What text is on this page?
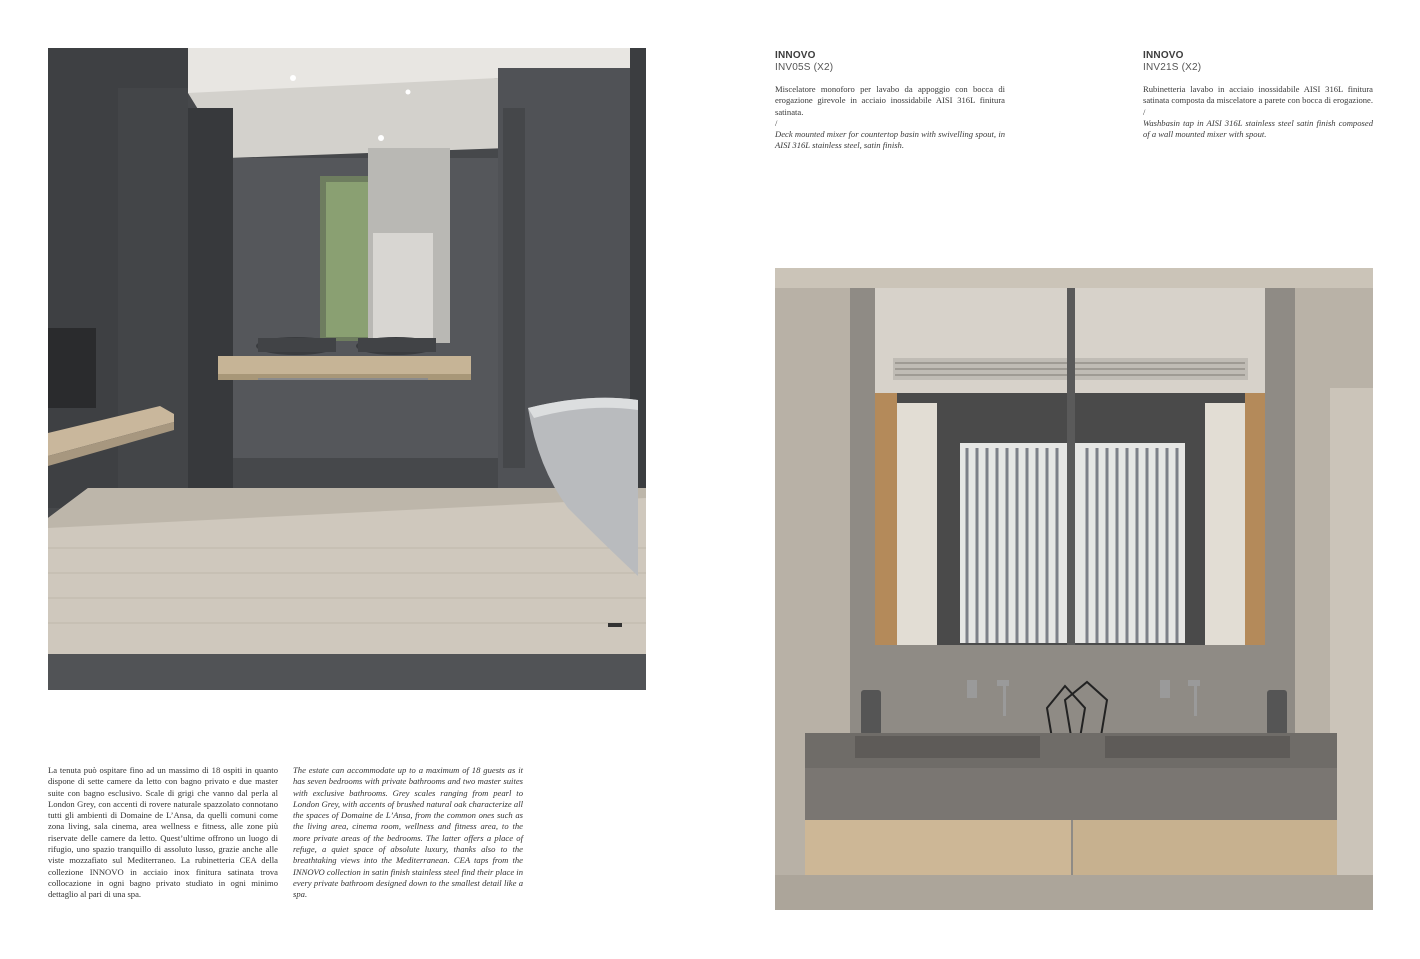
INNOVO
INV05S (X2)
Miscelatore monoforo per lavabo da appoggio con bocca di erogazione girevole in acciaio inossidabile AISI 316L finitura satinata.
/
Deck mounted mixer for countertop basin with swivelling spout, in AISI 316L stainless steel, satin finish.
INNOVO
INV21S (X2)
Rubinetteria lavabo in acciaio inossidabile AISI 316L finitura satinata composta da miscelatore a parete con bocca di erogazione.
/
Washbasin tap in AISI 316L stainless steel satin finish composed of a wall mounted mixer with spout.
La tenuta può ospitare fino ad un massimo di 18 ospiti in quanto dispone di sette camere da letto con bagno privato e due master suite con bagno esclusivo. Scale di grigi che vanno dal perla al London Grey, con accenti di rovere naturale spazzolato connotano tutti gli ambienti di Domaine de L’Ansa, da quelli comuni come zona living, sala cinema, area wellness e fitness, alle zone più riservate delle camere da letto. Quest’ultime offrono un luogo di rifugio, uno spazio tranquillo di assoluto lusso, grazie anche alle viste mozzafiato sul Mediterraneo. La rubinetteria CEA della collezione INNOVO in acciaio inox finitura satinata trova collocazione in ogni bagno privato studiato in ogni minimo dettaglio al pari di una spa.
The estate can accommodate up to a maximum of 18 guests as it has seven bedrooms with private bathrooms and two master suites with exclusive bathrooms. Grey scales ranging from pearl to London Grey, with accents of brushed natural oak characterize all the spaces of Domaine de L’Ansa, from the common ones such as the living area, cinema room, wellness and fitness area, to the more private areas of the bedrooms. The latter offers a place of refuge, a quiet space of absolute luxury, thanks also to the breathtaking views into the Mediterranean. CEA taps from the INNOVO collection in satin finish stainless steel find their place in every private bathroom designed down to the smallest detail like a spa.
